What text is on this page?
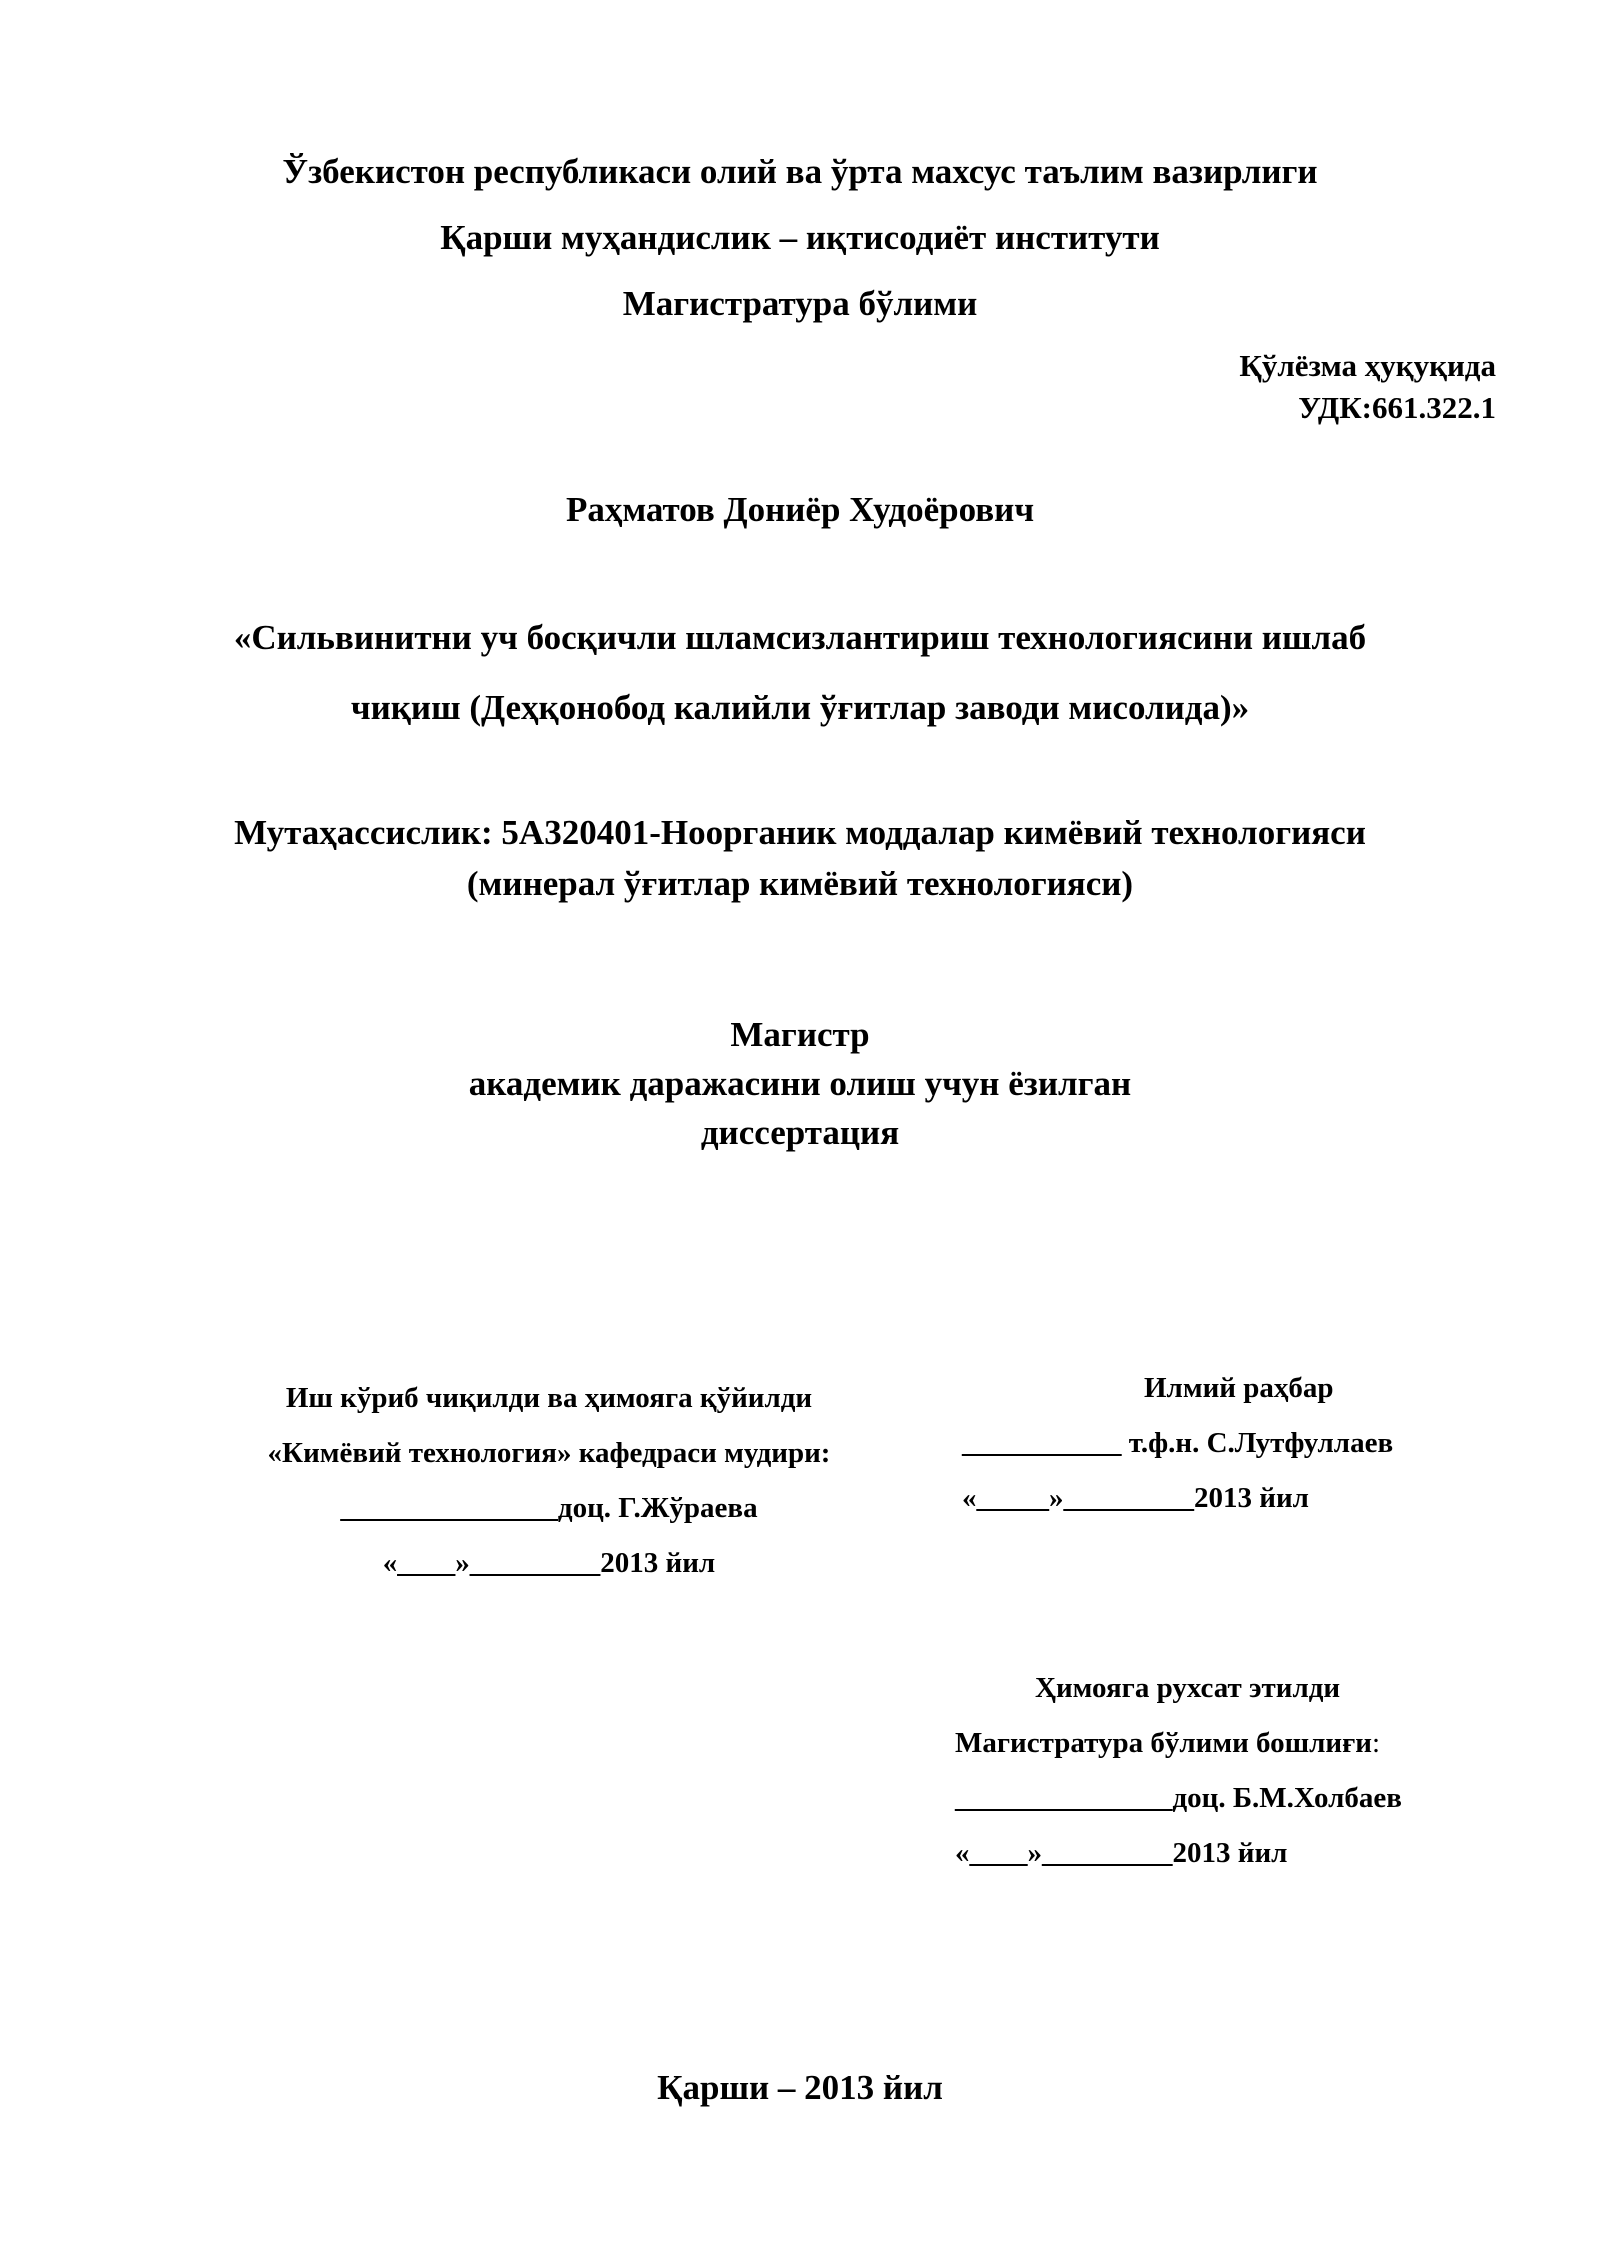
Ўзбекистон республикаси олий ва ўрта махсус таълим вазирлиги
Қарши муҳандислик – иқтисодиёт институти
Магистратура бўлими
Қўлёзма ҳуқуқида
УДК:661.322.1
Раҳматов Дониёр Худоёрович
«Сильвинитни уч босқичли шламсизлантириш технологиясини ишлаб
чиқиш (Деҳқонобод калийли ўғитлар заводи мисолида)»
Мутаҳассислик: 5А320401-Ноорганик моддалар кимёвий технологияси
(минерал ўғитлар кимёвий технологияси)
Магистр
академик даражасини олиш учун ёзилган
диссертация
Иш кўриб чиқилди ва ҳимояга қўйилди
«Кимёвий технология» кафедраси мудири:
_______________доц. Г.Жўраева
«____»_________2013 йил
Илмий раҳбар
___________ т.ф.н. С.Лутфуллаев
«_____»_________2013 йил
Ҳимояга рухсат этилди
Магистратура бўлими бошлиғи:
_______________доц. Б.М.Холбаев
«____»_________2013 йил
Қарши – 2013 йил
